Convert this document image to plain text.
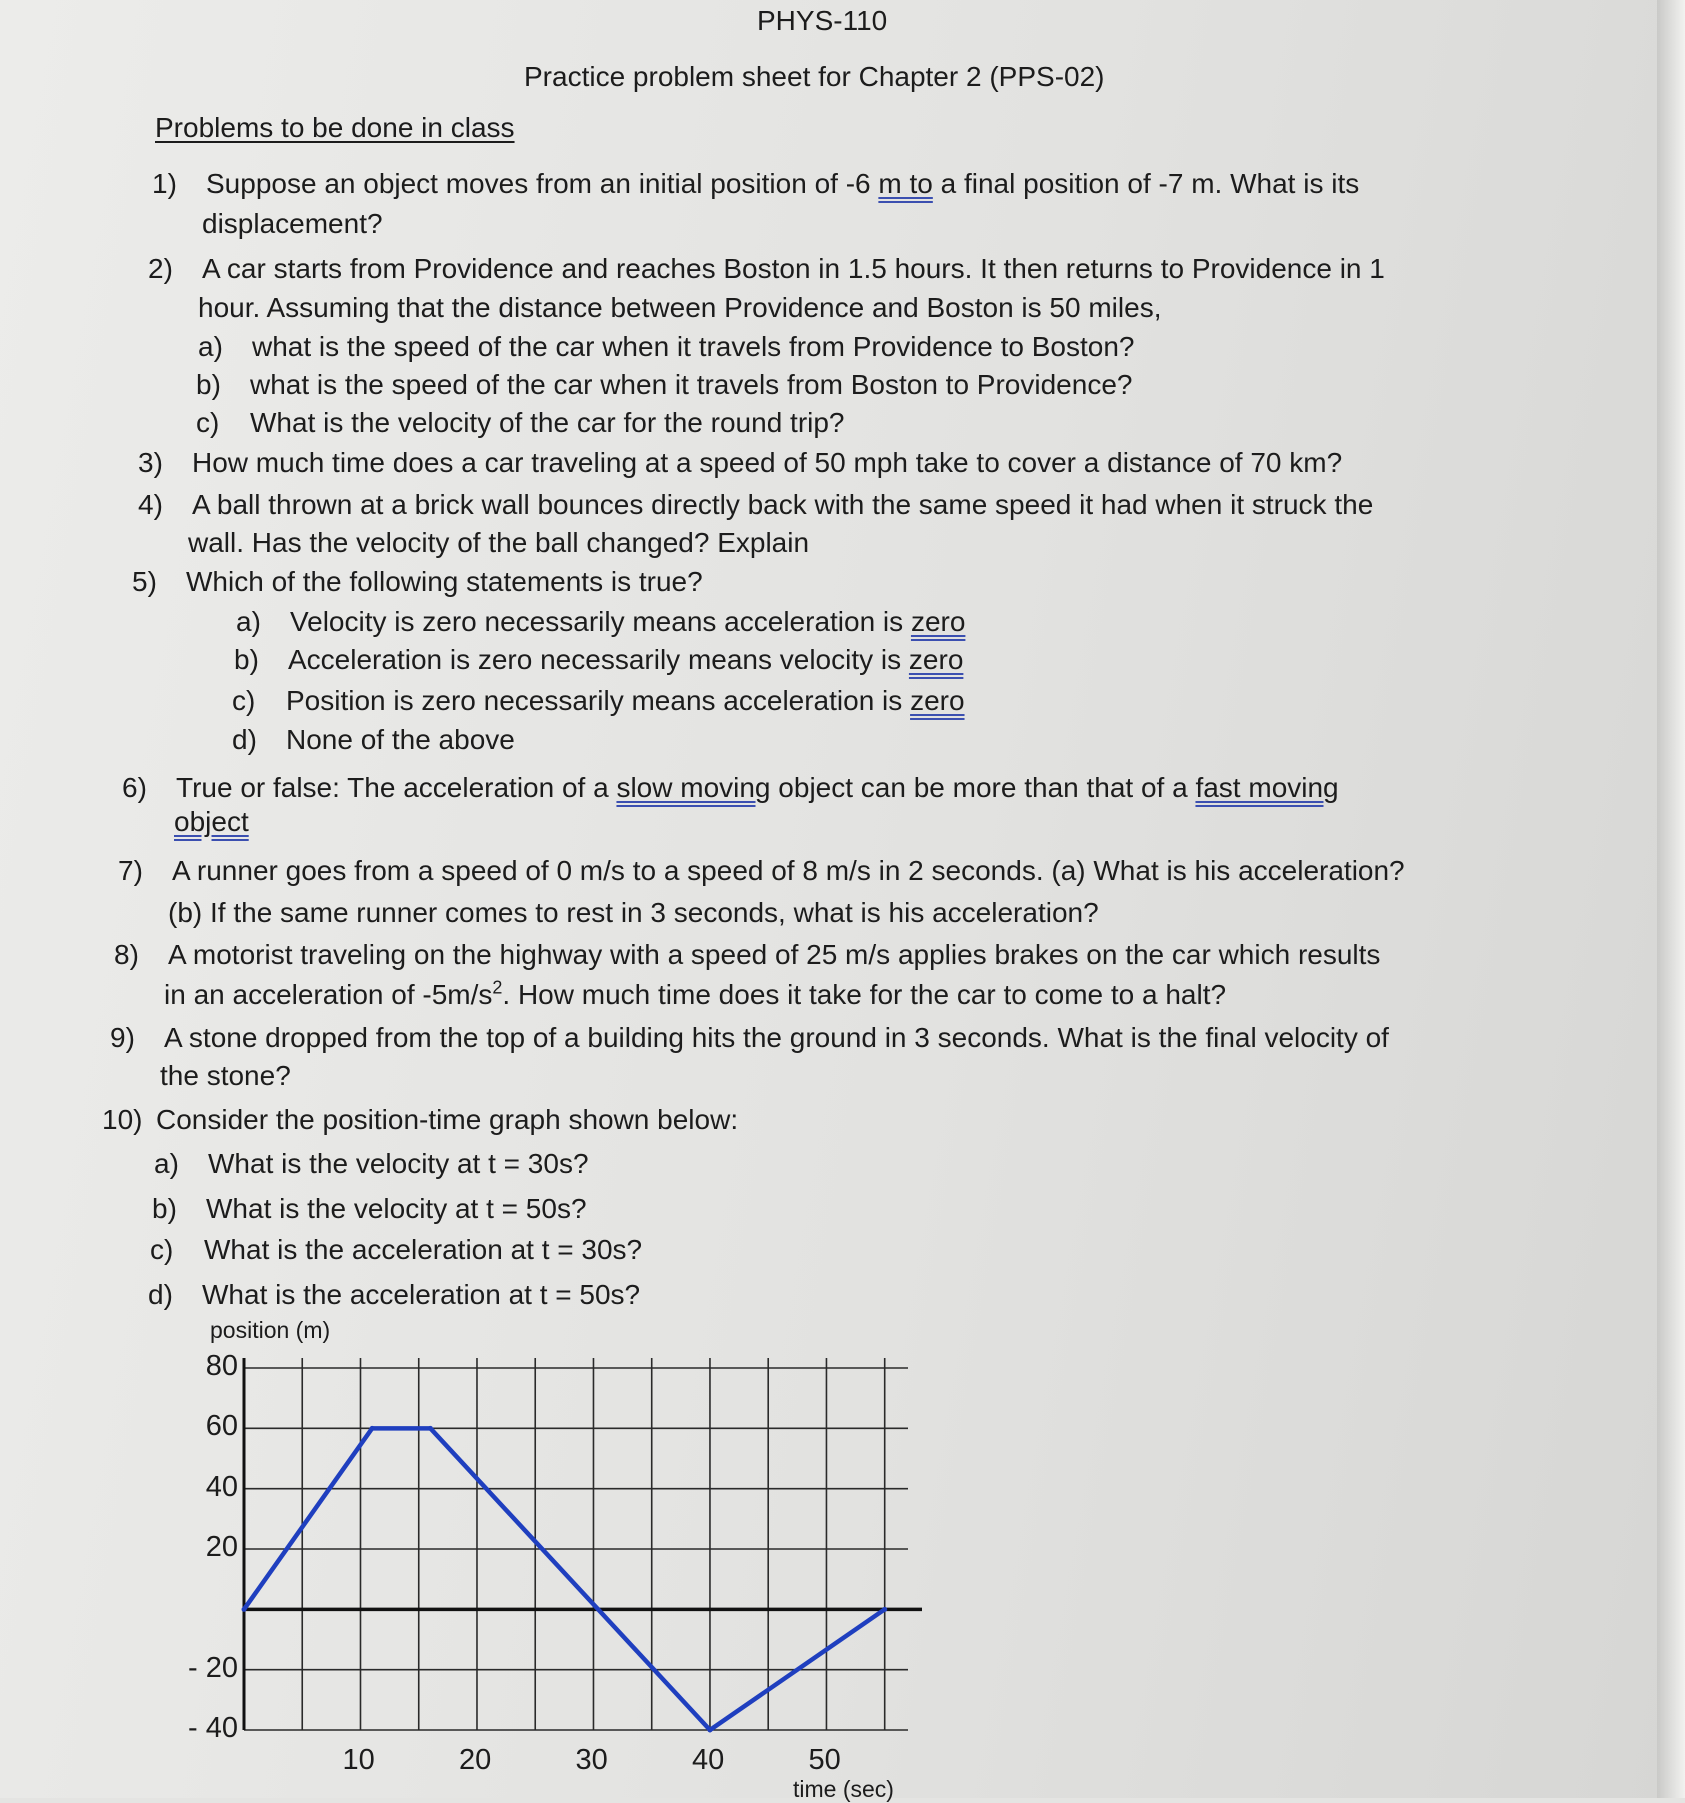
PHYS-110
Practice problem sheet for Chapter 2 (PPS-02)
Problems to be done in class
1) Suppose an object moves from an initial position of -6 m to a final position of -7 m. What is its
displacement?
2) A car starts from Providence and reaches Boston in 1.5 hours. It then returns to Providence in 1
hour. Assuming that the distance between Providence and Boston is 50 miles,
a) what is the speed of the car when it travels from Providence to Boston?
b) what is the speed of the car when it travels from Boston to Providence?
c) What is the velocity of the car for the round trip?
3) How much time does a car traveling at a speed of 50 mph take to cover a distance of 70 km?
4) A ball thrown at a brick wall bounces directly back with the same speed it had when it struck the
wall. Has the velocity of the ball changed? Explain
5) Which of the following statements is true?
a) Velocity is zero necessarily means acceleration is zero
b) Acceleration is zero necessarily means velocity is zero
c) Position is zero necessarily means acceleration is zero
d) None of the above
6) True or false: The acceleration of a slow moving object can be more than that of a fast moving
object
7) A runner goes from a speed of 0 m/s to a speed of 8 m/s in 2 seconds. (a) What is his acceleration?
(b) If the same runner comes to rest in 3 seconds, what is his acceleration?
8) A motorist traveling on the highway with a speed of 25 m/s applies brakes on the car which results
in an acceleration of $-5m/s^2$. How much time does it take for the car to come to a halt?
9) A stone dropped from the top of a building hits the ground in 3 seconds. What is the final velocity of
the stone?
10) Consider the position-time graph shown below:
a) What is the velocity at t = 30s?
b) What is the velocity at t = 50s?
c) What is the acceleration at t = 30s?
d) What is the acceleration at t = 50s?
position (m)
time (sec)
80
60
40
20
- 20
- 40
10	20	30	40	50
